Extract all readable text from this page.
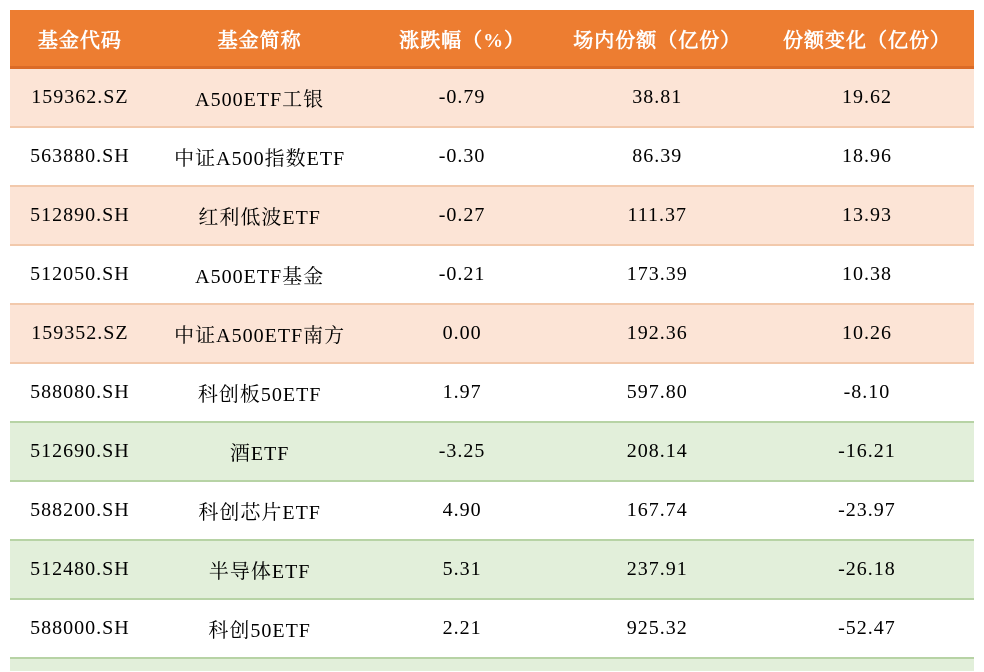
基金代码	基金简称	涨跌幅（%）	场内份额（亿份）	份额变化（亿份）
159362.SZ	A500ETF工银	-0.79	38.81	19.62
563880.SH	中证A500指数ETF	-0.30	86.39	18.96
512890.SH	红利低波ETF	-0.27	111.37	13.93
512050.SH	A500ETF基金	-0.21	173.39	10.38
159352.SZ	中证A500ETF南方	0.00	192.36	10.26
588080.SH	科创板50ETF	1.97	597.80	-8.10
512690.SH	酒ETF	-3.25	208.14	-16.21
588200.SH	科创芯片ETF	4.90	167.74	-23.97
512480.SH	半导体ETF	5.31	237.91	-26.18
588000.SH	科创50ETF	2.21	925.32	-52.47
